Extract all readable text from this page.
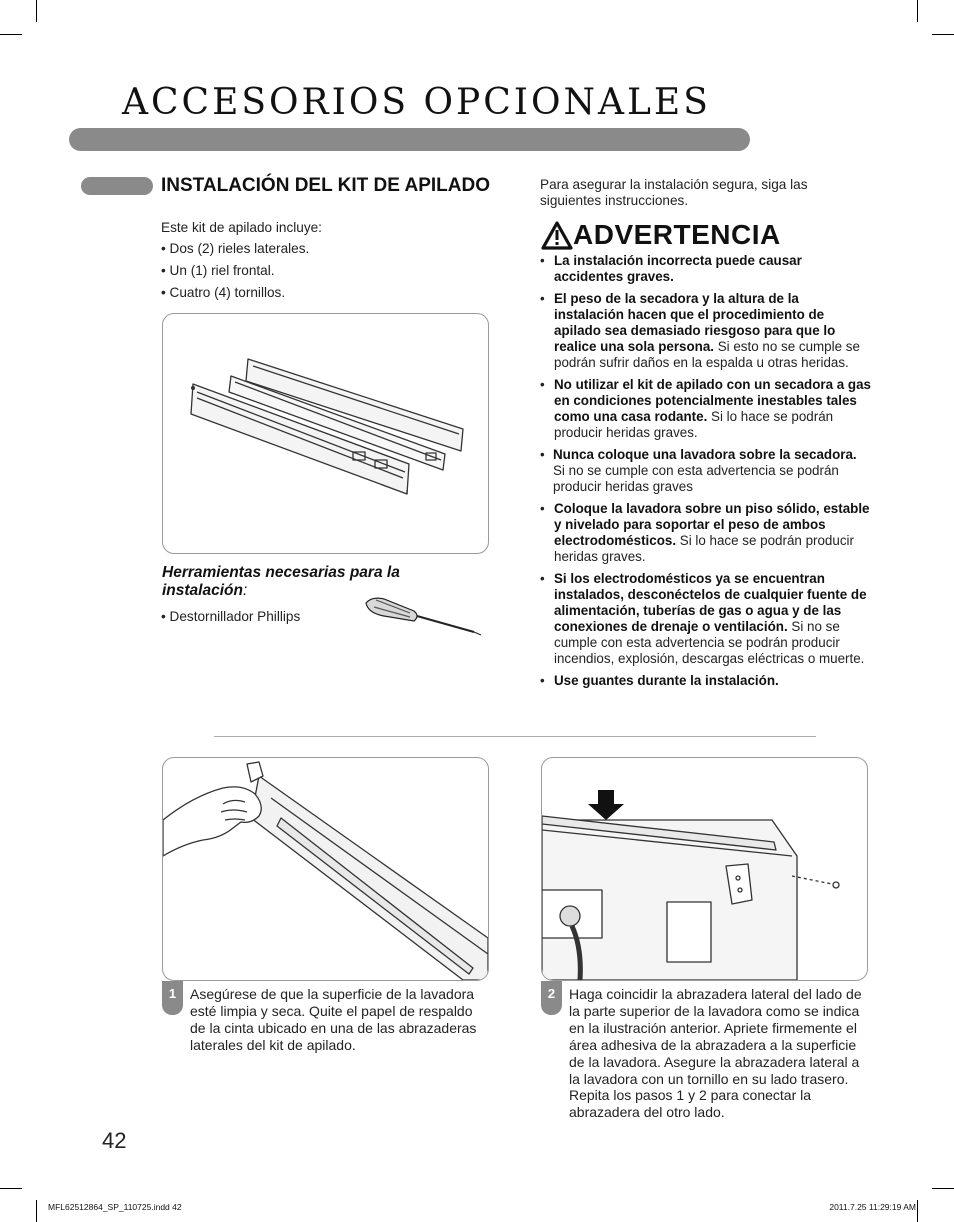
ACCESORIOS OPCIONALES
INSTALACIÓN DEL KIT DE APILADO
Este kit de apilado incluye:
• Dos (2) rieles laterales.
• Un (1) riel frontal.
• Cuatro (4) tornillos.
Herramientas necesarias para la instalación:
• Destornillador Phillips
Para asegurar la instalación segura, siga las siguientes instrucciones.
ADVERTENCIA
• La instalación incorrecta puede causar accidentes graves.
• El peso de la secadora y la altura de la instalación hacen que el procedimiento de apilado sea demasiado riesgoso para que lo realice una sola persona. Si esto no se cumple se podrán sufrir daños en la espalda u otras heridas.
• No utilizar el kit de apilado con un secadora a gas en condiciones potencialmente inestables tales como una casa rodante. Si lo hace se podrán producir heridas graves.
• Nunca coloque una lavadora sobre la secadora. Si no se cumple con esta advertencia se podrán producir heridas graves
• Coloque la lavadora sobre un piso sólido, estable y nivelado para soportar el peso de ambos electrodomésticos. Si lo hace se podrán producir heridas graves.
• Si los electrodomésticos ya se encuentran instalados, desconéctelos de cualquier fuente de alimentación, tuberías de gas o agua y de las conexiones de drenaje o ventilación. Si no se cumple con esta advertencia se podrán producir incendios, explosión, descargas eléctricas o muerte.
• Use guantes durante la instalación.
1 Asegúrese de que la superficie de la lavadora esté limpia y seca. Quite el papel de respaldo de la cinta ubicado en una de las abrazaderas laterales del kit de apilado.
2 Haga coincidir la abrazadera lateral del lado de la parte superior de la lavadora como se indica en la ilustración anterior. Apriete firmemente el área adhesiva de la abrazadera a la superficie de la lavadora. Asegure la abrazadera lateral a la lavadora con un tornillo en su lado trasero. Repita los pasos 1 y 2 para conectar la abrazadera del otro lado.
42
MFL62512864_SP_110725.indd 42	2011.7.25 11:29:19 AM
